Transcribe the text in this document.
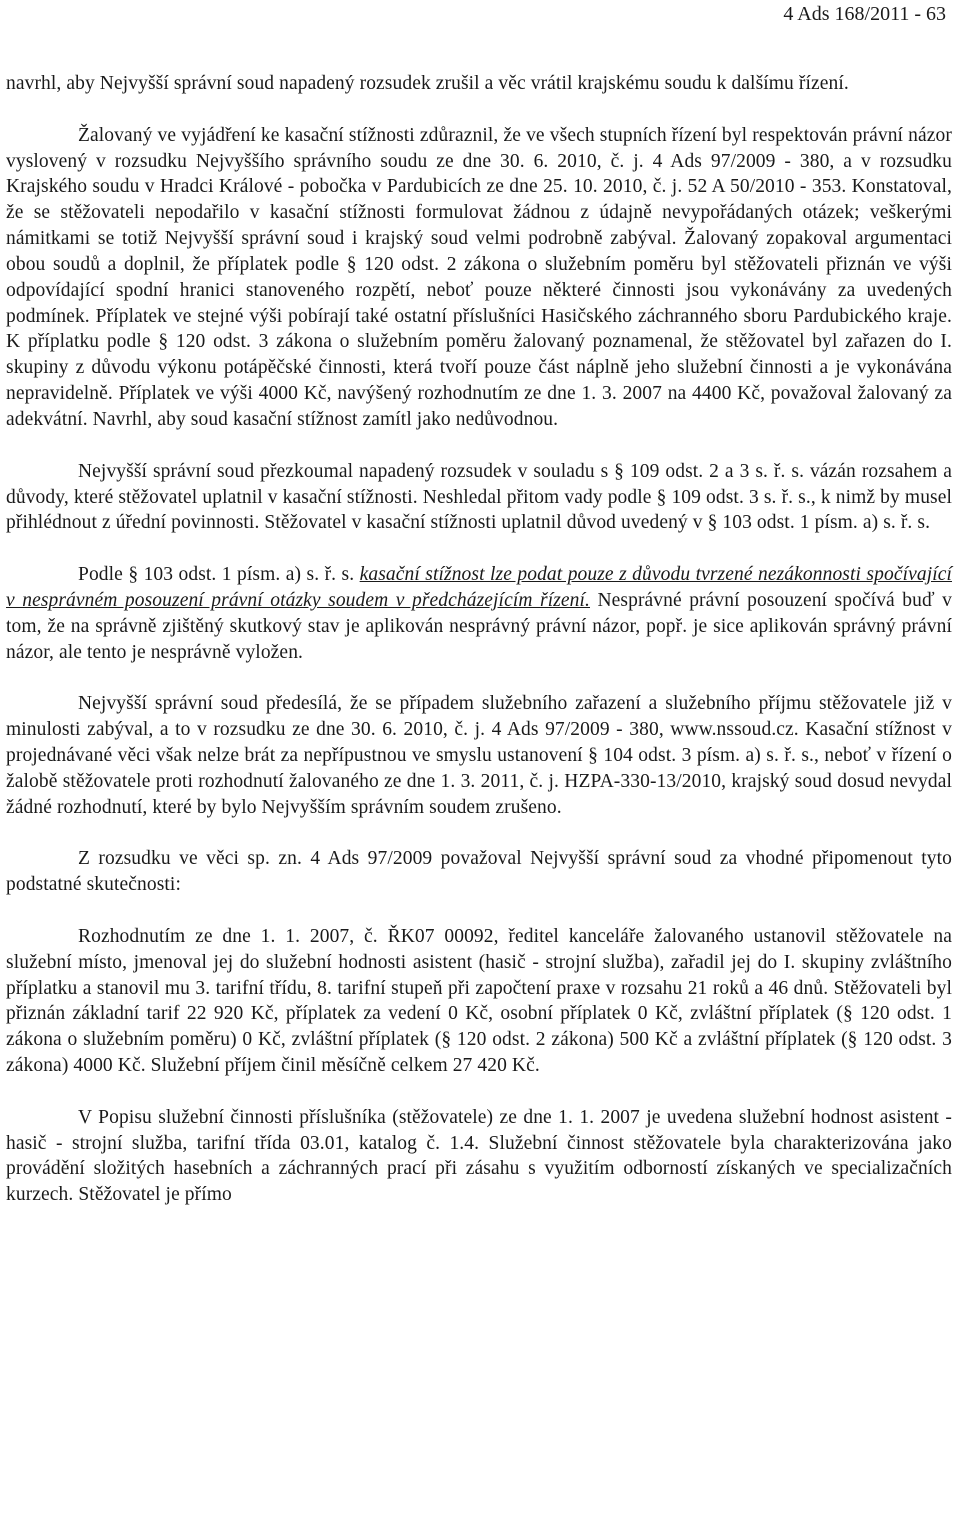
4 Ads 168/2011 - 63

navrhl, aby Nejvyšší správní soud napadený rozsudek zrušil a věc vrátil krajskému soudu k dalšímu řízení.

Žalovaný ve vyjádření ke kasační stížnosti zdůraznil, že ve všech stupních řízení byl respektován právní názor vyslovený v rozsudku Nejvyššího správního soudu ze dne 30. 6. 2010, č. j. 4 Ads 97/2009 - 380, a v rozsudku Krajského soudu v Hradci Králové - pobočka v Pardubicích ze dne 25. 10. 2010, č. j. 52 A 50/2010 - 353. Konstatoval, že se stěžovateli nepodařilo v kasační stížnosti formulovat žádnou z údajně nevypořádaných otázek; veškerými námitkami se totiž Nejvyšší správní soud i krajský soud velmi podrobně zabýval. Žalovaný zopakoval argumentaci obou soudů a doplnil, že příplatek podle § 120 odst. 2 zákona o služebním poměru byl stěžovateli přiznán ve výši odpovídající spodní hranici stanoveného rozpětí, neboť pouze některé činnosti jsou vykonávány za uvedených podmínek. Příplatek ve stejné výši pobírají také ostatní příslušníci Hasičského záchranného sboru Pardubického kraje. K příplatku podle § 120 odst. 3 zákona o služebním poměru žalovaný poznamenal, že stěžovatel byl zařazen do I. skupiny z důvodu výkonu potápěčské činnosti, která tvoří pouze část náplně jeho služební činnosti a je vykonávána nepravidelně. Příplatek ve výši 4000 Kč, navýšený rozhodnutím ze dne 1. 3. 2007 na 4400 Kč, považoval žalovaný za adekvátní. Navrhl, aby soud kasační stížnost zamítl jako nedůvodnou.

Nejvyšší správní soud přezkoumal napadený rozsudek v souladu s § 109 odst. 2 a 3 s. ř. s. vázán rozsahem a důvody, které stěžovatel uplatnil v kasační stížnosti. Neshledal přitom vady podle § 109 odst. 3 s. ř. s., k nimž by musel přihlédnout z úřední povinnosti. Stěžovatel v kasační stížnosti uplatnil důvod uvedený v § 103 odst. 1 písm. a) s. ř. s.

Podle § 103 odst. 1 písm. a) s. ř. s. kasační stížnost lze podat pouze z důvodu tvrzené nezákonnosti spočívající v nesprávném posouzení právní otázky soudem v předcházejícím řízení. Nesprávné právní posouzení spočívá buď v tom, že na správně zjištěný skutkový stav je aplikován nesprávný právní názor, popř. je sice aplikován správný právní názor, ale tento je nesprávně vyložen.

Nejvyšší správní soud předesílá, že se případem služebního zařazení a služebního příjmu stěžovatele již v minulosti zabýval, a to v rozsudku ze dne 30. 6. 2010, č. j. 4 Ads 97/2009 - 380, www.nssoud.cz. Kasační stížnost v projednávané věci však nelze brát za nepřípustnou ve smyslu ustanovení § 104 odst. 3 písm. a) s. ř. s., neboť v řízení o žalobě stěžovatele proti rozhodnutí žalovaného ze dne 1. 3. 2011, č. j. HZPA-330-13/2010, krajský soud dosud nevydal žádné rozhodnutí, které by bylo Nejvyšším správním soudem zrušeno.

Z rozsudku ve věci sp. zn. 4 Ads 97/2009 považoval Nejvyšší správní soud za vhodné připomenout tyto podstatné skutečnosti:

Rozhodnutím ze dne 1. 1. 2007, č. ŘK07 00092, ředitel kanceláře žalovaného ustanovil stěžovatele na služební místo, jmenoval jej do služební hodnosti asistent (hasič - strojní služba), zařadil jej do I. skupiny zvláštního příplatku a stanovil mu 3. tarifní třídu, 8. tarifní stupeň při započtení praxe v rozsahu 21 roků a 46 dnů. Stěžovateli byl přiznán základní tarif 22 920 Kč, příplatek za vedení 0 Kč, osobní příplatek 0 Kč, zvláštní příplatek (§ 120 odst. 1 zákona o služebním poměru) 0 Kč, zvláštní příplatek (§ 120 odst. 2 zákona) 500 Kč a zvláštní příplatek (§ 120 odst. 3 zákona) 4000 Kč. Služební příjem činil měsíčně celkem 27 420 Kč.

V Popisu služební činnosti příslušníka (stěžovatele) ze dne 1. 1. 2007 je uvedena služební hodnost asistent - hasič - strojní služba, tarifní třída 03.01, katalog č. 1.4. Služební činnost stěžovatele byla charakterizována jako provádění složitých hasebních a záchranných prací při zásahu s využitím odborností získaných ve specializačních kurzech. Stěžovatel je přímo
